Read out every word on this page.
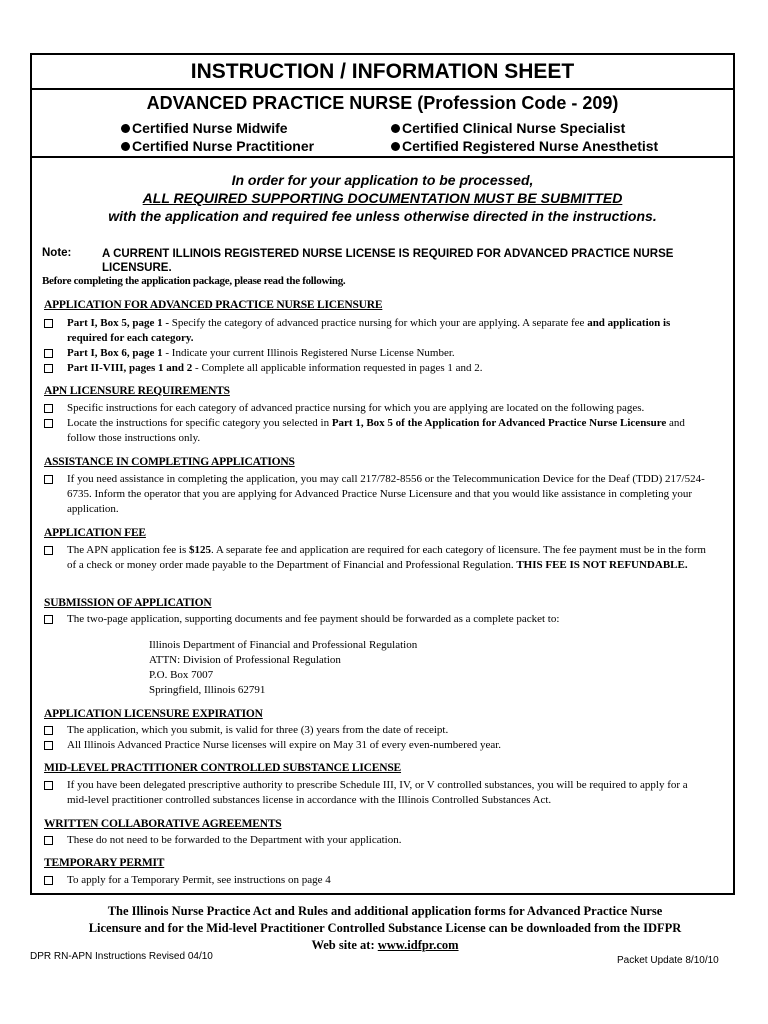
INSTRUCTION / INFORMATION SHEET
ADVANCED PRACTICE NURSE (Profession Code - 209)
Certified Nurse Midwife	Certified Clinical Nurse Specialist
Certified Nurse Practitioner	Certified Registered Nurse Anesthetist
In order for your application to be processed,
ALL REQUIRED SUPPORTING DOCUMENTATION MUST BE SUBMITTED
with the application and required fee unless otherwise directed in the instructions.
Note:	A CURRENT ILLINOIS REGISTERED NURSE LICENSE IS REQUIRED FOR ADVANCED PRACTICE NURSE LICENSURE.
Before completing the application package, please read the following.
APPLICATION FOR ADVANCED PRACTICE NURSE LICENSURE
Part I, Box 5, page 1 - Specify the category of advanced practice nursing for which your are applying. A separate fee and application is required for each category.
Part I, Box 6, page 1 - Indicate your current Illinois Registered Nurse License Number.
Part II-VIII, pages 1 and 2 - Complete all applicable information requested in pages 1 and 2.
APN LICENSURE REQUIREMENTS
Specific instructions for each category of advanced practice nursing for which you are applying are located on the following pages.
Locate the instructions for specific category you selected in Part 1, Box 5 of the Application for Advanced Practice Nurse Licensure and follow those instructions only.
ASSISTANCE IN COMPLETING APPLICATIONS
If you need assistance in completing the application, you may call 217/782-8556 or the Telecommunication Device for the Deaf (TDD) 217/524-6735. Inform the operator that you are applying for Advanced Practice Nurse Licensure and that you would like assistance in completing your application.
APPLICATION FEE
The APN application fee is $125. A separate fee and application are required for each category of licensure. The fee payment must be in the form of a check or money order made payable to the Department of Financial and Professional Regulation. THIS FEE IS NOT REFUNDABLE.
SUBMISSION OF APPLICATION
The two-page application, supporting documents and fee payment should be forwarded as a complete packet to:
Illinois Department of Financial and Professional Regulation
ATTN: Division of Professional Regulation
P.O. Box 7007
Springfield, Illinois 62791
APPLICATION LICENSURE EXPIRATION
The application, which you submit, is valid for three (3) years from the date of receipt.
All Illinois Advanced Practice Nurse licenses will expire on May 31 of every even-numbered year.
MID-LEVEL PRACTITIONER CONTROLLED SUBSTANCE LICENSE
If you have been delegated prescriptive authority to prescribe Schedule III, IV, or V controlled substances, you will be required to apply for a mid-level practitioner controlled substances license in accordance with the Illinois Controlled Substances Act.
WRITTEN COLLABORATIVE AGREEMENTS
These do not need to be forwarded to the Department with your application.
TEMPORARY PERMIT
To apply for a Temporary Permit, see instructions on page 4
The Illinois Nurse Practice Act and Rules and additional application forms for Advanced Practice Nurse Licensure and for the Mid-level Practitioner Controlled Substance License can be downloaded from the IDFPR Web site at: www.idfpr.com
DPR RN-APN Instructions Revised 04/10	Packet Update 8/10/10
